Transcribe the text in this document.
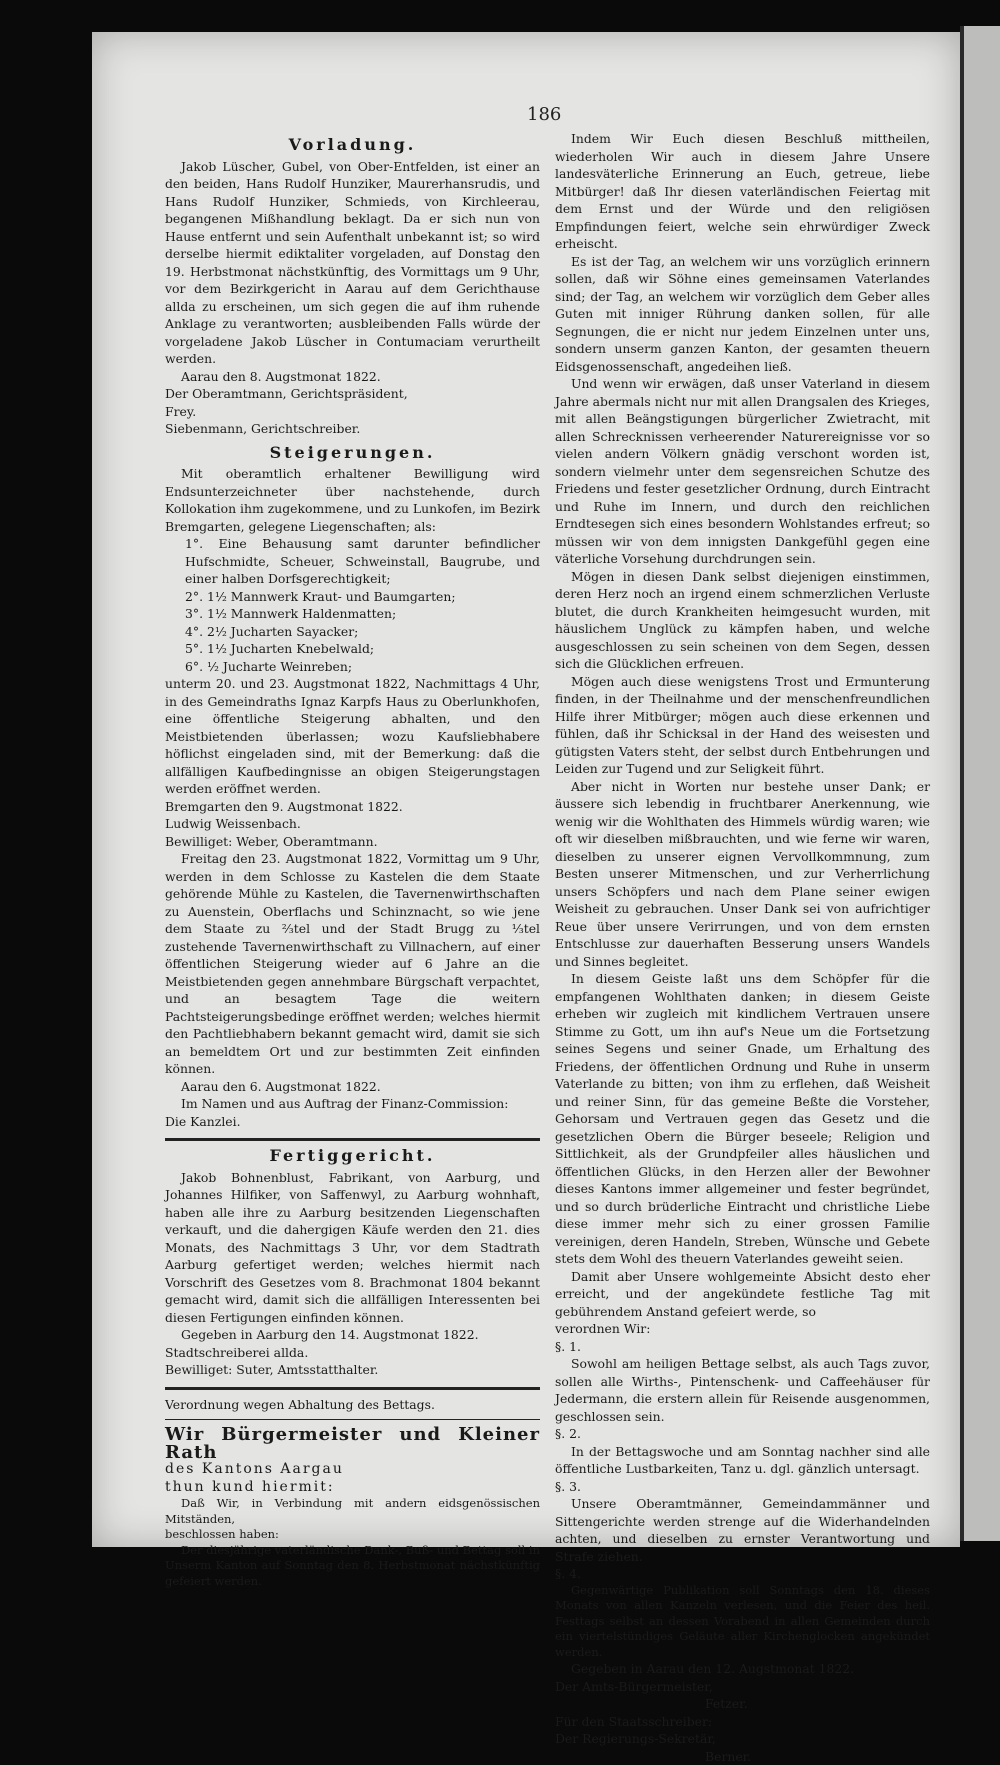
186
Vorladung.

Jakob Lüscher, Gubel, von Ober-Entfelden, ist einer an den beiden, Hans Rudolf Hunziker, Maurerhansrudis, und Hans Rudolf Hunziker, Schmieds, von Kirchleerau, begangenen Mißhandlung beklagt. Da er sich nun von Hause entfernt und sein Aufenthalt unbekannt ist; so wird derselbe hiermit ediktaliter vorgeladen, auf Donstag den 19. Herbstmonat nächstkünftig, des Vormittags um 9 Uhr, vor dem Bezirkgericht in Aarau auf dem Gerichthause allda zu erscheinen, um sich gegen die auf ihm ruhende Anklage zu verantworten; ausbleibenden Falls würde der vorgeladene Jakob Lüscher in Contumaciam verurtheilt werden.

Aarau den 8. Augstmonat 1822.

Der Oberamtmann, Gerichtspräsident,

Frey.

Siebenmann, Gerichtschreiber.

Steigerungen.

Mit oberamtlich erhaltener Bewilligung wird Endsunterzeichneter über nachstehende, durch Kollokation ihm zugekommene, und zu Lunkofen, im Bezirk Bremgarten, gelegene Liegenschaften; als:

1°. Eine Behausung samt darunter befindlicher Hufschmidte, Scheuer, Schweinstall, Baugrube, und einer halben Dorfsgerechtigkeit;

2°. 1½ Mannwerk Kraut- und Baumgarten;

3°. 1½ Mannwerk Haldenmatten;

4°. 2½ Jucharten Sayacker;

5°. 1½ Jucharten Knebelwald;

6°. ½ Jucharte Weinreben;

unterm 20. und 23. Augstmonat 1822, Nachmittags 4 Uhr, in des Gemeindraths Ignaz Karpfs Haus zu Oberlunkhofen, eine öffentliche Steigerung abhalten, und den Meistbietenden überlassen; wozu Kaufsliebhabere höflichst eingeladen sind, mit der Bemerkung: daß die allfälligen Kaufbedingnisse an obigen Steigerungstagen werden eröffnet werden.

Bremgarten den 9. Augstmonat 1822.

Ludwig Weissenbach.

Bewilliget: Weber, Oberamtmann.

Freitag den 23. Augstmonat 1822, Vormittag um 9 Uhr, werden in dem Schlosse zu Kastelen die dem Staate gehörende Mühle zu Kastelen, die Tavernenwirthschaften zu Auenstein, Oberflachs und Schinznacht, so wie jene dem Staate zu ⅔tel und der Stadt Brugg zu ⅓tel zustehende Tavernenwirthschaft zu Villnachern, auf einer öffentlichen Steigerung wieder auf 6 Jahre an die Meistbietenden gegen annehmbare Bürgschaft verpachtet, und an besagtem Tage die weitern Pachtsteigerungsbedinge eröffnet werden; welches hiermit den Pachtliebhabern bekannt gemacht wird, damit sie sich an bemeldtem Ort und zur bestimmten Zeit einfinden können.

Aarau den 6. Augstmonat 1822.

Im Namen und aus Auftrag der Finanz-Commission:

Die Kanzlei.

Fertiggericht.

Jakob Bohnenblust, Fabrikant, von Aarburg, und Johannes Hilfiker, von Saffenwyl, zu Aarburg wohnhaft, haben alle ihre zu Aarburg besitzenden Liegenschaften verkauft, und die dahergigen Käufe werden den 21. dies Monats, des Nachmittags 3 Uhr, vor dem Stadtrath Aarburg gefertiget werden; welches hiermit nach Vorschrift des Gesetzes vom 8. Brachmonat 1804 bekannt gemacht wird, damit sich die allfälligen Interessenten bei diesen Fertigungen einfinden können.

Gegeben in Aarburg den 14. Augstmonat 1822.

Stadtschreiberei allda.

Bewilliget: Suter, Amtsstatthalter.

Verordnung wegen Abhaltung des Bettags.

Wir Bürgermeister und Kleiner Rath

des Kantons Aargau

thun kund hiermit:

Daß Wir, in Verbindung mit andern eidsgenössischen Mitständen,

beschlossen haben:

Der diesjährige vaterländische Dank-, Buß- und Bettag soll in Unserm Kanton auf Sonntag den 8. Herbstmonat nächstkünftig gefeiert werden.

Indem Wir Euch diesen Beschluß mittheilen, wiederholen Wir auch in diesem Jahre Unsere landesväterliche Erinnerung an Euch, getreue, liebe Mitbürger! daß Ihr diesen vaterländischen Feiertag mit dem Ernst und der Würde und den religiösen Empfindungen feiert, welche sein ehrwürdiger Zweck erheischt.

Es ist der Tag, an welchem wir uns vorzüglich erinnern sollen, daß wir Söhne eines gemeinsamen Vaterlandes sind; der Tag, an welchem wir vorzüglich dem Geber alles Guten mit inniger Rührung danken sollen, für alle Segnungen, die er nicht nur jedem Einzelnen unter uns, sondern unserm ganzen Kanton, der gesamten theuern Eidsgenossenschaft, angedeihen ließ.

Und wenn wir erwägen, daß unser Vaterland in diesem Jahre abermals nicht nur mit allen Drangsalen des Krieges, mit allen Beängstigungen bürgerlicher Zwietracht, mit allen Schrecknissen verheerender Naturereignisse vor so vielen andern Völkern gnädig verschont worden ist, sondern vielmehr unter dem segensreichen Schutze des Friedens und fester gesetzlicher Ordnung, durch Eintracht und Ruhe im Innern, und durch den reichlichen Erndtesegen sich eines besondern Wohlstandes erfreut; so müssen wir von dem innigsten Dankgefühl gegen eine väterliche Vorsehung durchdrungen sein.

Mögen in diesen Dank selbst diejenigen einstimmen, deren Herz noch an irgend einem schmerzlichen Verluste blutet, die durch Krankheiten heimgesucht wurden, mit häuslichem Unglück zu kämpfen haben, und welche ausgeschlossen zu sein scheinen von dem Segen, dessen sich die Glücklichen erfreuen.

Mögen auch diese wenigstens Trost und Ermunterung finden, in der Theilnahme und der menschenfreundlichen Hilfe ihrer Mitbürger; mögen auch diese erkennen und fühlen, daß ihr Schicksal in der Hand des weisesten und gütigsten Vaters steht, der selbst durch Entbehrungen und Leiden zur Tugend und zur Seligkeit führt.

Aber nicht in Worten nur bestehe unser Dank; er äussere sich lebendig in fruchtbarer Anerkennung, wie wenig wir die Wohlthaten des Himmels würdig waren; wie oft wir dieselben mißbrauchten, und wie ferne wir waren, dieselben zu unserer eignen Vervollkommnung, zum Besten unserer Mitmenschen, und zur Verherrlichung unsers Schöpfers und nach dem Plane seiner ewigen Weisheit zu gebrauchen. Unser Dank sei von aufrichtiger Reue über unsere Verirrungen, und von dem ernsten Entschlusse zur dauerhaften Besserung unsers Wandels und Sinnes begleitet.

In diesem Geiste laßt uns dem Schöpfer für die empfangenen Wohlthaten danken; in diesem Geiste erheben wir zugleich mit kindlichem Vertrauen unsere Stimme zu Gott, um ihn auf's Neue um die Fortsetzung seines Segens und seiner Gnade, um Erhaltung des Friedens, der öffentlichen Ordnung und Ruhe in unserm Vaterlande zu bitten; von ihm zu erflehen, daß Weisheit und reiner Sinn, für das gemeine Beßte die Vorsteher, Gehorsam und Vertrauen gegen das Gesetz und die gesetzlichen Obern die Bürger beseele; Religion und Sittlichkeit, als der Grundpfeiler alles häuslichen und öffentlichen Glücks, in den Herzen aller der Bewohner dieses Kantons immer allgemeiner und fester begründet, und so durch brüderliche Eintracht und christliche Liebe diese immer mehr sich zu einer grossen Familie vereinigen, deren Handeln, Streben, Wünsche und Gebete stets dem Wohl des theuern Vaterlandes geweiht seien.

Damit aber Unsere wohlgemeinte Absicht desto eher erreicht, und der angekündete festliche Tag mit gebührendem Anstand gefeiert werde, so

verordnen Wir:

§. 1.

Sowohl am heiligen Bettage selbst, als auch Tags zuvor, sollen alle Wirths-, Pintenschenk- und Caffeehäuser für Jedermann, die erstern allein für Reisende ausgenommen, geschlossen sein.

§. 2.

In der Bettagswoche und am Sonntag nachher sind alle öffentliche Lustbarkeiten, Tanz u. dgl. gänzlich untersagt.

§. 3.

Unsere Oberamtmänner, Gemeindammänner und Sittengerichte werden strenge auf die Widerhandelnden achten, und dieselben zu ernster Verantwortung und Strafe ziehen.

§. 4.

Gegenwärtige Publikation soll Sonntags den 18. dieses Monats von allen Kanzeln verlesen, und die Feier des heil. Festtags selbst an dessen Vorabend in allen Gemeinden durch ein viertelstündiges Geläute aller Kirchenglocken angekündet werden.

Gegeben in Aarau den 12. Augstmonat 1822.

Der Amts-Bürgermeister,

Fetzer.

Für den Staatsschreiber:

Der Regierungs-Sekretär,

Berner.
